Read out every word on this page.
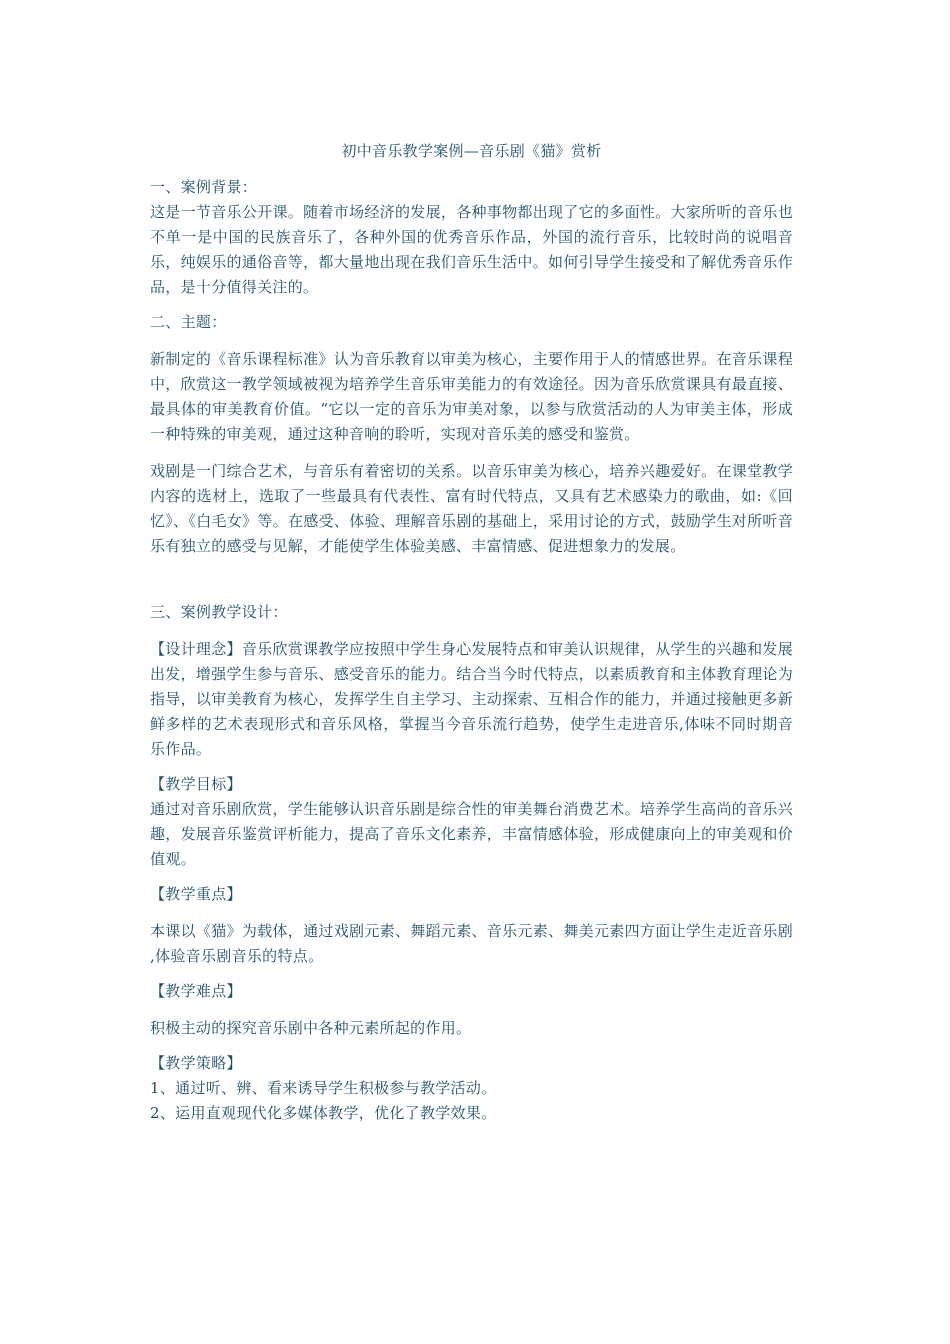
初中音乐教学案例—音乐剧《猫》赏析

一、案例背景：

这是一节音乐公开课。随着市场经济的发展，各种事物都出现了它的多面性。大家所听的音乐也不单一是中国的民族音乐了，各种外国的优秀音乐作品，外国的流行音乐，比较时尚的说唱音乐，纯娱乐的通俗音等，都大量地出现在我们音乐生活中。如何引导学生接受和了解优秀音乐作品，是十分值得关注的。

二、主题：

新制定的《音乐课程标准》认为音乐教育以审美为核心，主要作用于人的情感世界。在音乐课程中，欣赏这一教学领域被视为培养学生音乐审美能力的有效途径。因为音乐欣赏课具有最直接、最具体的审美教育价值。“它以一定的音乐为审美对象，以参与欣赏活动的人为审美主体，形成一种特殊的审美观，通过这种音响的聆听，实现对音乐美的感受和鉴赏。

戏剧是一门综合艺术，与音乐有着密切的关系。以音乐审美为核心，培养兴趣爱好。在课堂教学内容的选材上，选取了一些最具有代表性、富有时代特点，又具有艺术感染力的歌曲，如:《回忆》、《白毛女》等。在感受、体验、理解音乐剧的基础上，采用讨论的方式，鼓励学生对所听音乐有独立的感受与见解，才能使学生体验美感、丰富情感、促进想象力的发展。

三、案例教学设计：

【设计理念】音乐欣赏课教学应按照中学生身心发展特点和审美认识规律，从学生的兴趣和发展出发，增强学生参与音乐、感受音乐的能力。结合当今时代特点，以素质教育和主体教育理论为指导，以审美教育为核心，发挥学生自主学习、主动探索、互相合作的能力，并通过接触更多新鲜多样的艺术表现形式和音乐风格，掌握当今音乐流行趋势，使学生走进音乐,体味不同时期音乐作品。

【教学目标】

通过对音乐剧欣赏，学生能够认识音乐剧是综合性的审美舞台消费艺术。培养学生高尚的音乐兴趣，发展音乐鉴赏评析能力，提高了音乐文化素养，丰富情感体验，形成健康向上的审美观和价值观。

【教学重点】

本课以《猫》为载体，通过戏剧元素、舞蹈元素、音乐元素、舞美元素四方面让学生走近音乐剧 ,体验音乐剧音乐的特点。

【教学难点】

积极主动的探究音乐剧中各种元素所起的作用。

【教学策略】

1、通过听、辨、看来诱导学生积极参与教学活动。

2、运用直观现代化多媒体教学，优化了教学效果。
